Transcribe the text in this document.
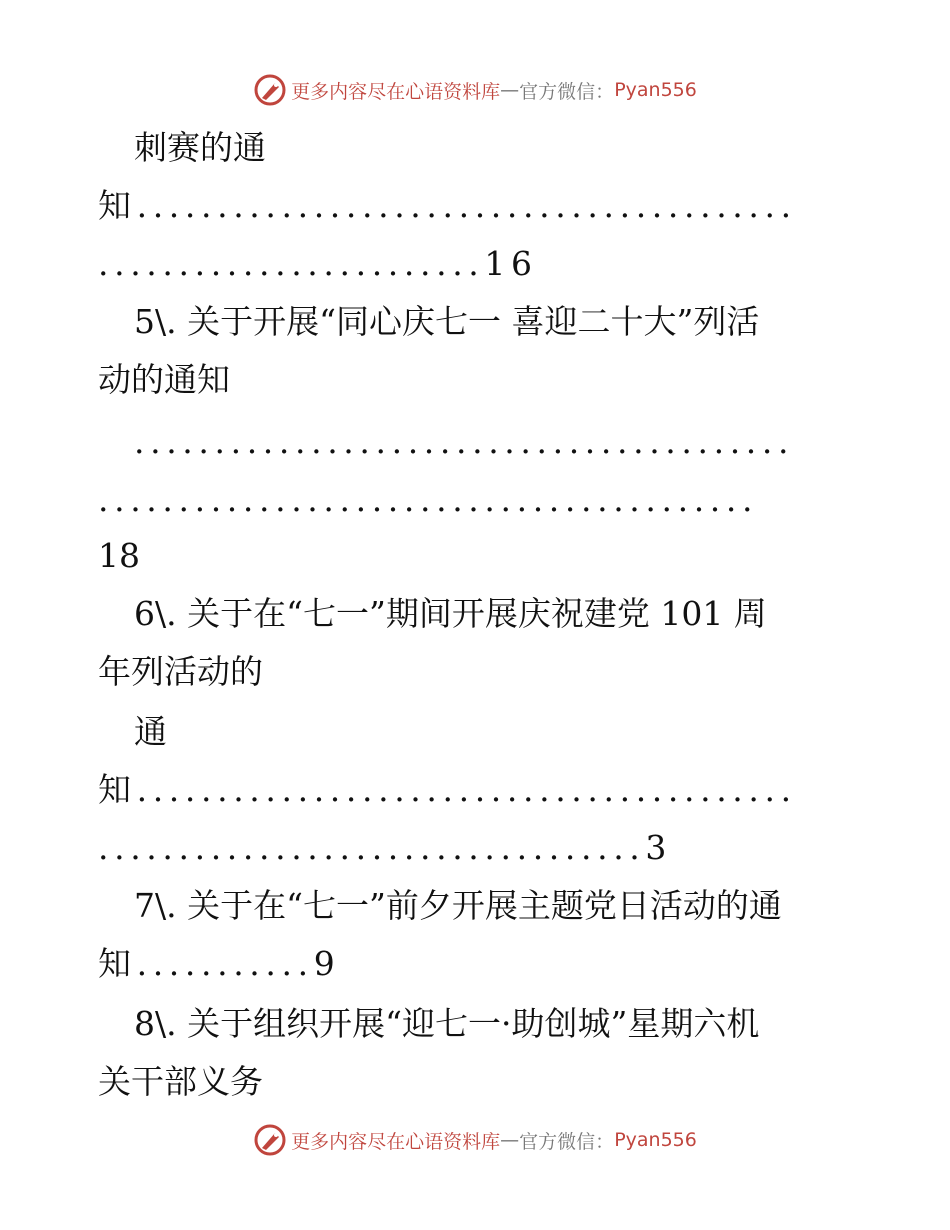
更多内容尽在心语资料库 — 官方微信： Pyan556
刺赛的通
知.........................................
........................16
5\. 关于开展“同心庆七一 喜迎二十大”列活
动的通知
.........................................
.........................................
18
6\. 关于在“七一”期间开展庆祝建党 101 周
年列活动的
通
知.........................................
..................................3
7\. 关于在“七一”前夕开展主题党日活动的通
知...........9
8\. 关于组织开展“迎七一·助创城”星期六机
关干部义务
更多内容尽在心语资料库 — 官方微信： Pyan556
